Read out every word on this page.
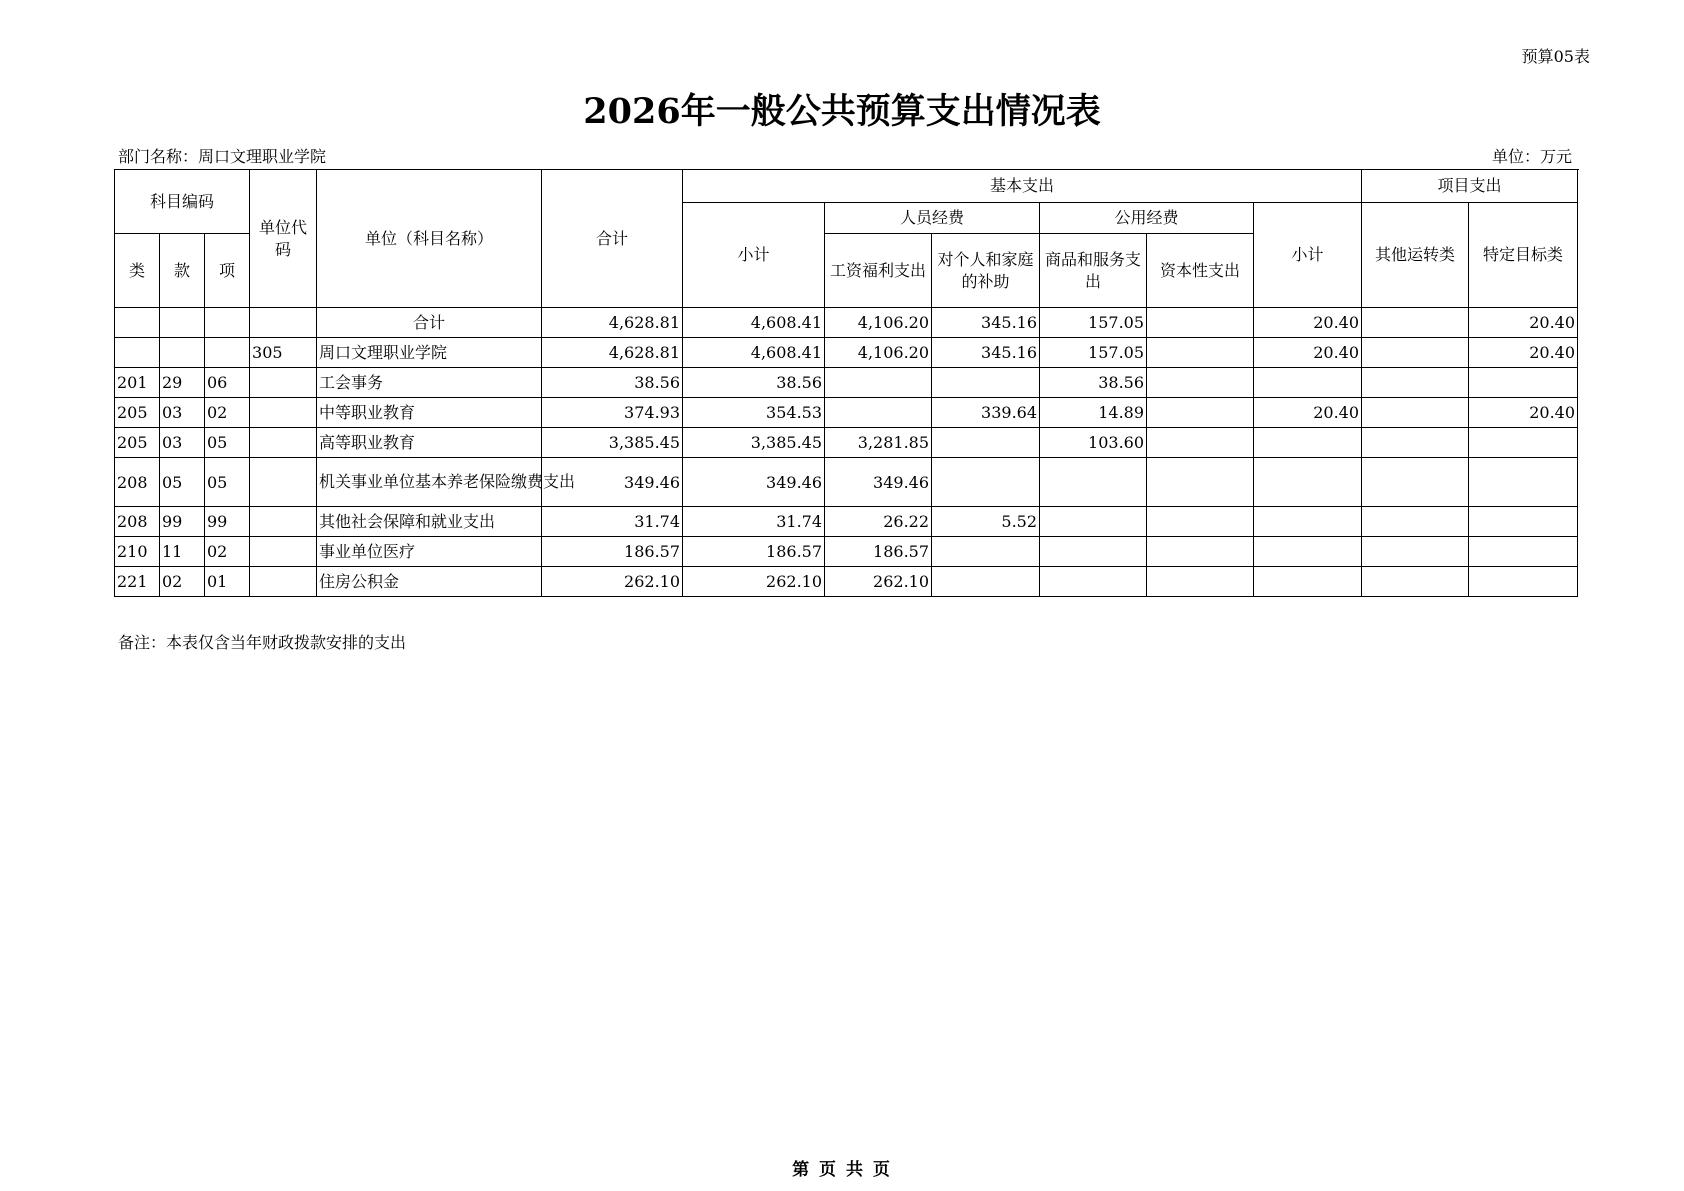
预算05表
2026年一般公共预算支出情况表
部门名称：周口文理职业学院	单位：万元
科目编码			单位代码	单位（科目名称）	合计	基本支出						项目支出	
						小计	人员经费		公用经费		小计	其他运转类	特定目标类
类	款	项					工资福利支出	对个人和家庭的补助	商品和服务支出	资本性支出			
				合计	4,628.81	4,608.41	4,106.20	345.16	157.05		20.40		20.40
			305	周口文理职业学院	4,628.81	4,608.41	4,106.20	345.16	157.05		20.40		20.40
201	29	06		工会事务	38.56	38.56			38.56				
205	03	02		中等职业教育	374.93	354.53		339.64	14.89		20.40		20.40
205	03	05		高等职业教育	3,385.45	3,385.45	3,281.85		103.60				
208	05	05		机关事业单位基本养老保险缴费支出	349.46	349.46	349.46						
208	99	99		其他社会保障和就业支出	31.74	31.74	26.22	5.52					
210	11	02		事业单位医疗	186.57	186.57	186.57						
221	02	01		住房公积金	262.10	262.10	262.10						
备注：本表仅含当年财政拨款安排的支出
第 页 共 页
